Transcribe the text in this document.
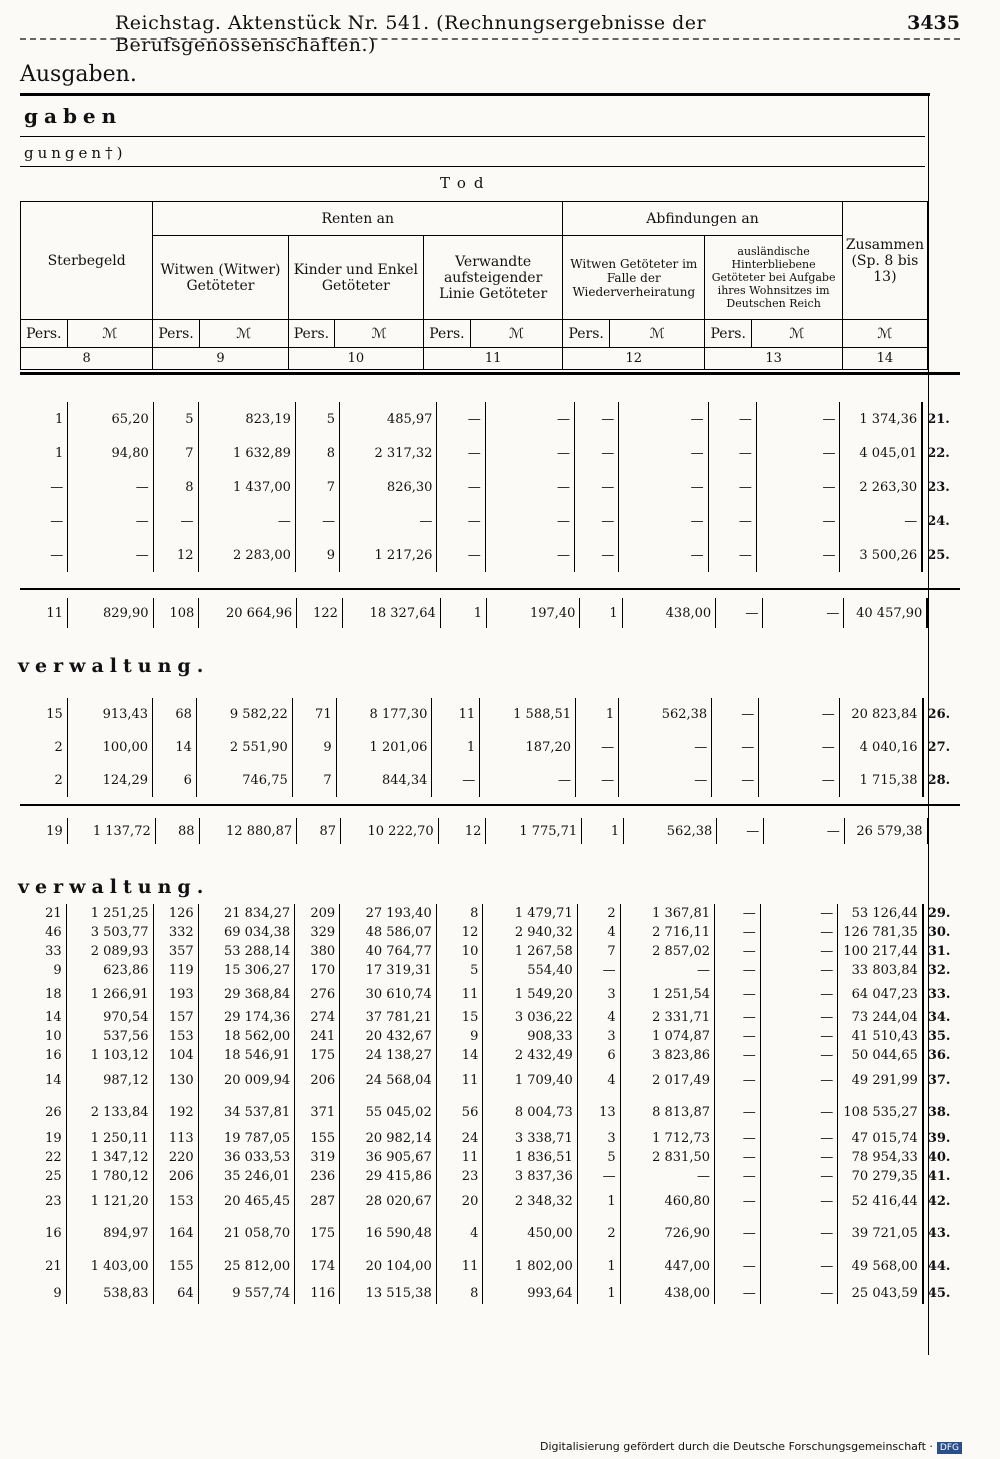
Reichstag. Aktenstück Nr. 541. (Rechnungsergebnisse der Berufsgenossenschaften.)
3435
Ausgaben.
gaben
gungen†)
Tod
Sterbegeld		Renten an						Abfindungen an				Zusammen (Sp. 8 bis 13)
		Witwen (Witwer) Getöteter		Kinder und Enkel Getöteter		Verwandte aufsteigender Linie Getöteter		Witwen Getöteter im Falle der Wiederverheiratung		ausländische Hinterbliebene Getöteter bei Aufgabe ihres Wohnsitzes im Deutschen Reich		
Pers.	ℳ	Pers.	ℳ	Pers.	ℳ	Pers.	ℳ	Pers.	ℳ	Pers.	ℳ	ℳ
8		9		10		11		12		13		14
1	65,20	5	823,19	5	485,97	—	—	—	—	—	—	1 374,36	21.
1	94,80	7	1 632,89	8	2 317,32	—	—	—	—	—	—	4 045,01	22.
—	—	8	1 437,00	7	826,30	—	—	—	—	—	—	2 263,30	23.
—	—	—	—	—	—	—	—	—	—	—	—	—	24.
—	—	12	2 283,00	9	1 217,26	—	—	—	—	—	—	3 500,26	25.
11	829,90	108	20 664,96	122	18 327,64	1	197,40	1	438,00	—	—	40 457,90	
verwaltung.
15	913,43	68	9 582,22	71	8 177,30	11	1 588,51	1	562,38	—	—	20 823,84	26.
2	100,00	14	2 551,90	9	1 201,06	1	187,20	—	—	—	—	4 040,16	27.
2	124,29	6	746,75	7	844,34	—	—	—	—	—	—	1 715,38	28.
19	1 137,72	88	12 880,87	87	10 222,70	12	1 775,71	1	562,38	—	—	26 579,38	
verwaltung.
21	1 251,25	126	21 834,27	209	27 193,40	8	1 479,71	2	1 367,81	—	—	53 126,44	29.
46	3 503,77	332	69 034,38	329	48 586,07	12	2 940,32	4	2 716,11	—	—	126 781,35	30.
33	2 089,93	357	53 288,14	380	40 764,77	10	1 267,58	7	2 857,02	—	—	100 217,44	31.
9	623,86	119	15 306,27	170	17 319,31	5	554,40	—	—	—	—	33 803,84	32.
18	1 266,91	193	29 368,84	276	30 610,74	11	1 549,20	3	1 251,54	—	—	64 047,23	33.
14	970,54	157	29 174,36	274	37 781,21	15	3 036,22	4	2 331,71	—	—	73 244,04	34.
10	537,56	153	18 562,00	241	20 432,67	9	908,33	3	1 074,87	—	—	41 510,43	35.
16	1 103,12	104	18 546,91	175	24 138,27	14	2 432,49	6	3 823,86	—	—	50 044,65	36.
14	987,12	130	20 009,94	206	24 568,04	11	1 709,40	4	2 017,49	—	—	49 291,99	37.
26	2 133,84	192	34 537,81	371	55 045,02	56	8 004,73	13	8 813,87	—	—	108 535,27	38.
19	1 250,11	113	19 787,05	155	20 982,14	24	3 338,71	3	1 712,73	—	—	47 015,74	39.
22	1 347,12	220	36 033,53	319	36 905,67	11	1 836,51	5	2 831,50	—	—	78 954,33	40.
25	1 780,12	206	35 246,01	236	29 415,86	23	3 837,36	—	—	—	—	70 279,35	41.
23	1 121,20	153	20 465,45	287	28 020,67	20	2 348,32	1	460,80	—	—	52 416,44	42.
16	894,97	164	21 058,70	175	16 590,48	4	450,00	2	726,90	—	—	39 721,05	43.
21	1 403,00	155	25 812,00	174	20 104,00	11	1 802,00	1	447,00	—	—	49 568,00	44.
9	538,83	64	9 557,74	116	13 515,38	8	993,64	1	438,00	—	—	25 043,59	45.
Digitalisierung gefördert durch die Deutsche Forschungsgemeinschaft · DFG
